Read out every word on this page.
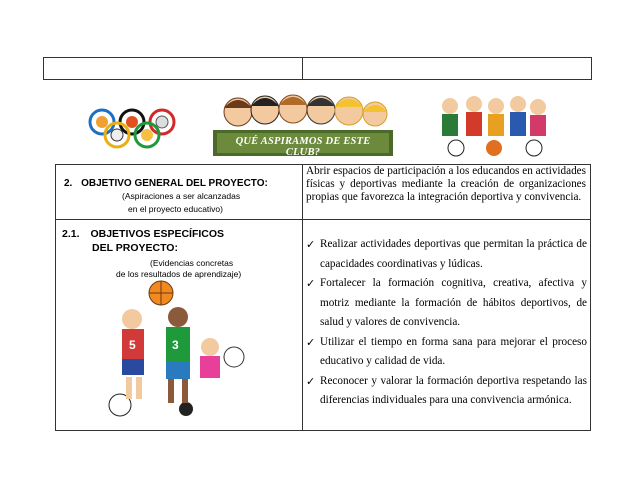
QUÉ ASPIRAMOS DE ESTE CLUB?
2. OBJETIVO GENERAL DEL PROYECTO:
(Aspiraciones a ser alcanzadas
en el proyecto educativo)
Abrir espacios de participación a los educandos en actividades físicas y deportivas mediante la creación de organizaciones propias que favorezca la integración deportiva y convivencia.
2.1. OBJETIVOS ESPECÍFICOS
DEL PROYECTO:
(Evidencias concretas
de los resultados de aprendizaje)
5	3
✓ Realizar actividades deportivas que permitan la práctica de capacidades coordinativas y lúdicas.
✓ Fortalecer la formación cognitiva, creativa, afectiva y motriz mediante la formación de hábitos deportivos, de salud y valores de convivencia.
✓ Utilizar el tiempo en forma sana para mejorar el proceso educativo y calidad de vida.
✓ Reconocer y valorar la formación deportiva respetando las diferencias individuales para una convivencia armónica.
